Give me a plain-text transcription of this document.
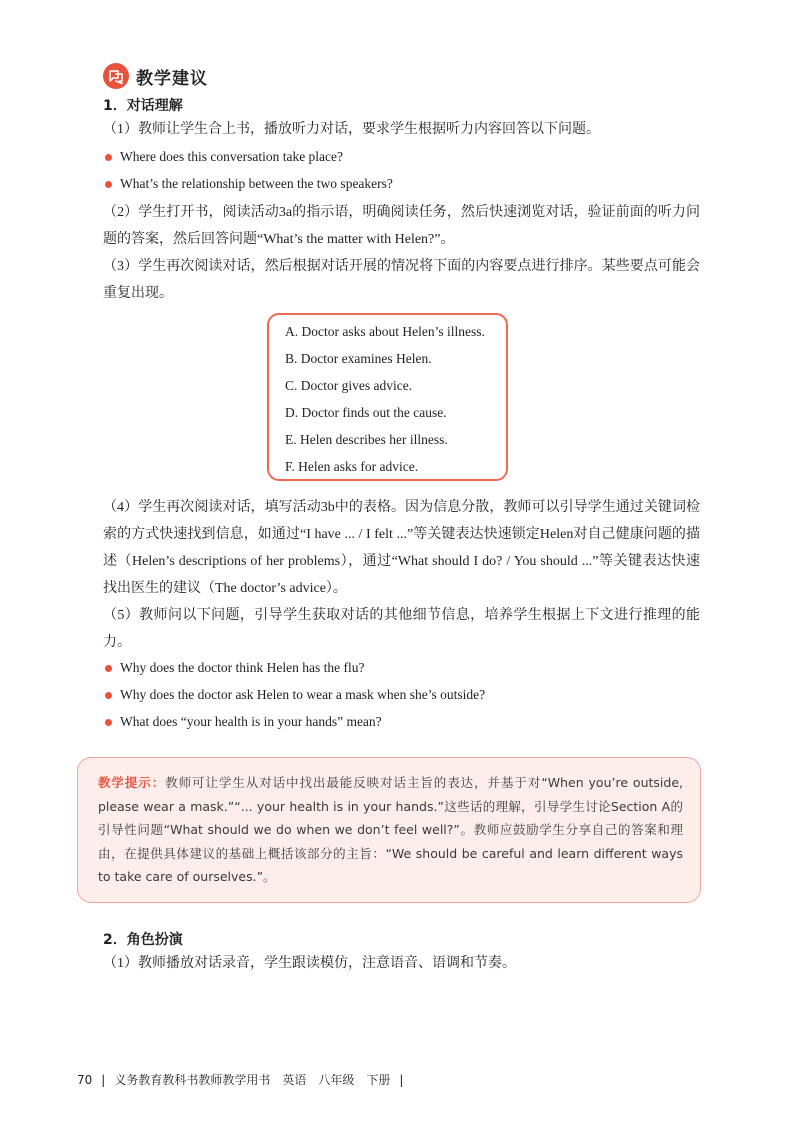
教学建议
1．对话理解
（1）教师让学生合上书，播放听力对话，要求学生根据听力内容回答以下问题。
Where does this conversation take place?
What’s the relationship between the two speakers?
（2）学生打开书，阅读活动3a的指示语，明确阅读任务，然后快速浏览对话，验证前面的听力问题的答案，然后回答问题“What’s the matter with Helen?”。
（3）学生再次阅读对话，然后根据对话开展的情况将下面的内容要点进行排序。某些要点可能会重复出现。
A. Doctor asks about Helen’s illness.
B. Doctor examines Helen.
C. Doctor gives advice.
D. Doctor finds out the cause.
E. Helen describes her illness.
F. Helen asks for advice.
（4）学生再次阅读对话，填写活动3b中的表格。因为信息分散，教师可以引导学生通过关键词检索的方式快速找到信息，如通过“I have ... / I felt ...”等关键表达快速锁定Helen对自己健康问题的描述（Helen’s descriptions of her problems），通过“What should I do? / You should ...”等关键表达快速找出医生的建议（The doctor’s advice）。
（5）教师问以下问题，引导学生获取对话的其他细节信息，培养学生根据上下文进行推理的能力。
Why does the doctor think Helen has the flu?
Why does the doctor ask Helen to wear a mask when she’s outside?
What does “your health is in your hands” mean?
教学提示：教师可让学生从对话中找出最能反映对话主旨的表达，并基于对“When you’re outside, please wear a mask.”“... your health is in your hands.”这些话的理解，引导学生讨论Section A的引导性问题“What should we do when we don’t feel well?”。教师应鼓励学生分享自己的答案和理由，在提供具体建议的基础上概括该部分的主旨：“We should be careful and learn different ways to take care of ourselves.”。
2．角色扮演
（1）教师播放对话录音，学生跟读模仿，注意语音、语调和节奏。
70 | 义务教育教科书教师教学用书　英语　八年级　下册 |
